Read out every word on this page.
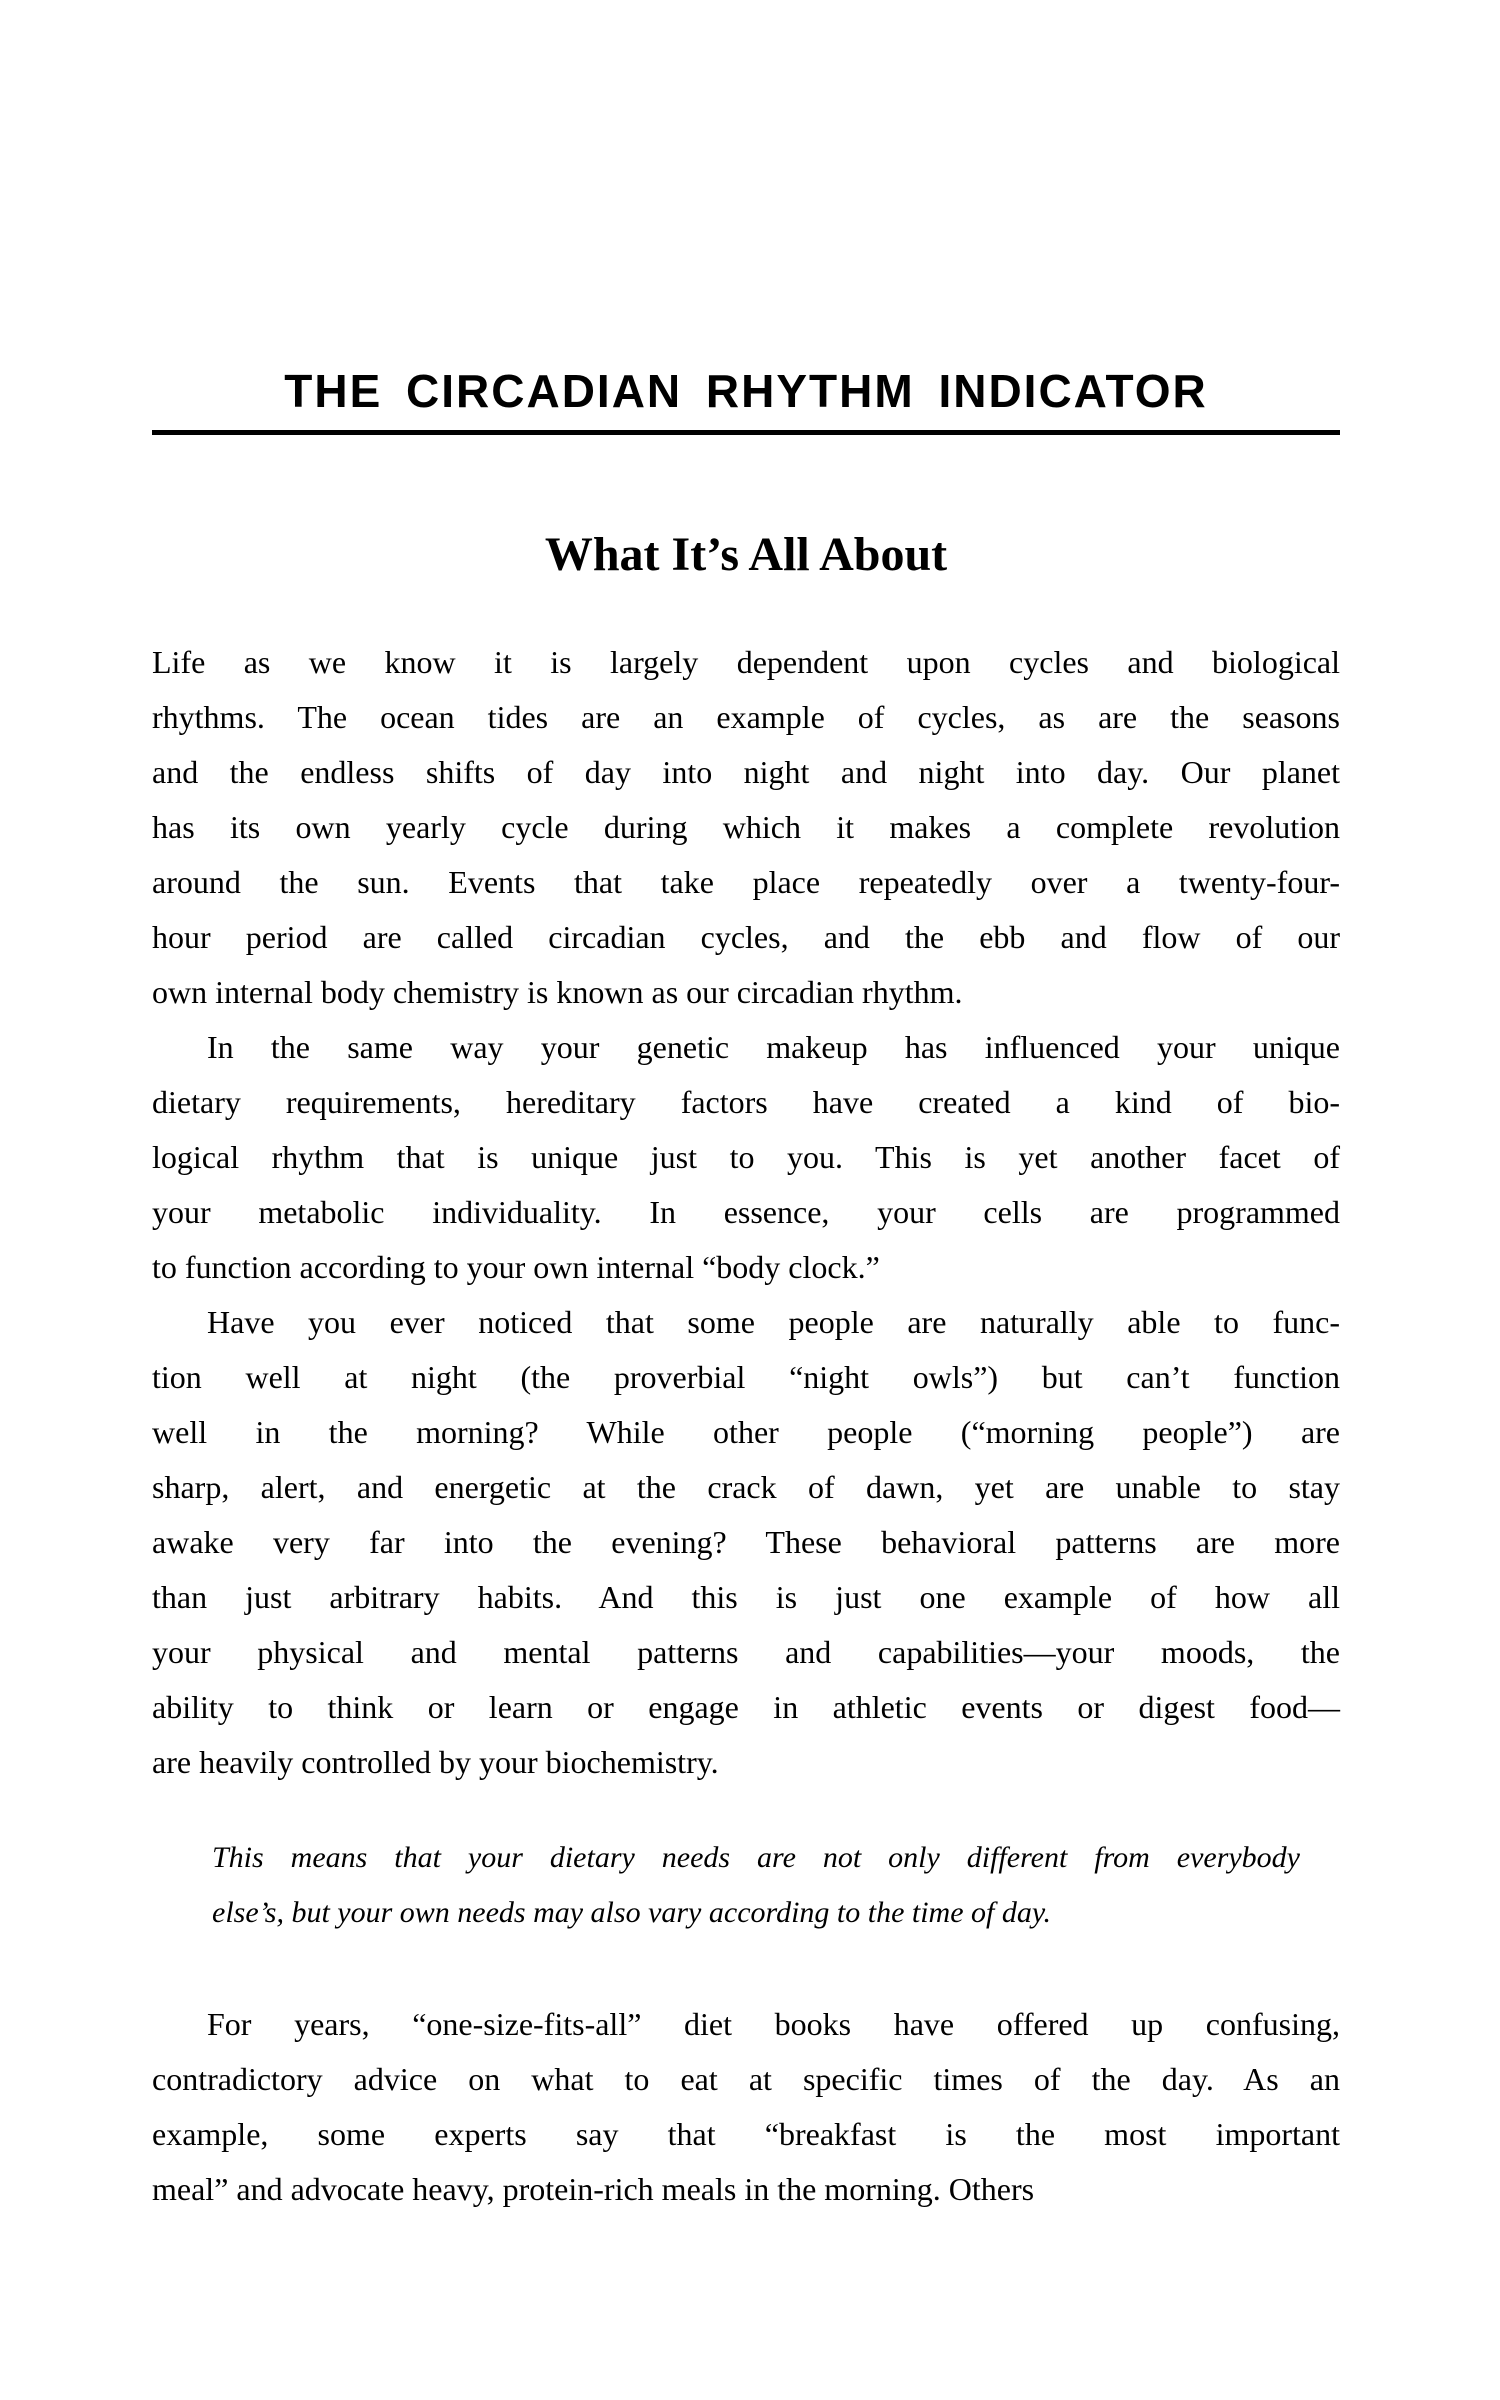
THE CIRCADIAN RHYTHM INDICATOR
What It’s All About
Life as we know it is largely dependent upon cycles and biological
rhythms. The ocean tides are an example of cycles, as are the seasons
and the endless shifts of day into night and night into day. Our planet
has its own yearly cycle during which it makes a complete revolution
around the sun. Events that take place repeatedly over a twenty-four-
hour period are called circadian cycles, and the ebb and flow of our
own internal body chemistry is known as our circadian rhythm.
In the same way your genetic makeup has influenced your unique
dietary requirements, hereditary factors have created a kind of bio-
logical rhythm that is unique just to you. This is yet another facet of
your metabolic individuality. In essence, your cells are programmed
to function according to your own internal “body clock.”
Have you ever noticed that some people are naturally able to func-
tion well at night (the proverbial “night owls”) but can’t function
well in the morning? While other people (“morning people”) are
sharp, alert, and energetic at the crack of dawn, yet are unable to stay
awake very far into the evening? These behavioral patterns are more
than just arbitrary habits. And this is just one example of how all
your physical and mental patterns and capabilities—your moods, the
ability to think or learn or engage in athletic events or digest food—
are heavily controlled by your biochemistry.
This means that your dietary needs are not only different from everybody
else’s, but your own needs may also vary according to the time of day.
For years, “one-size-fits-all” diet books have offered up confusing,
contradictory advice on what to eat at specific times of the day. As an
example, some experts say that “breakfast is the most important
meal” and advocate heavy, protein-rich meals in the morning. Others
